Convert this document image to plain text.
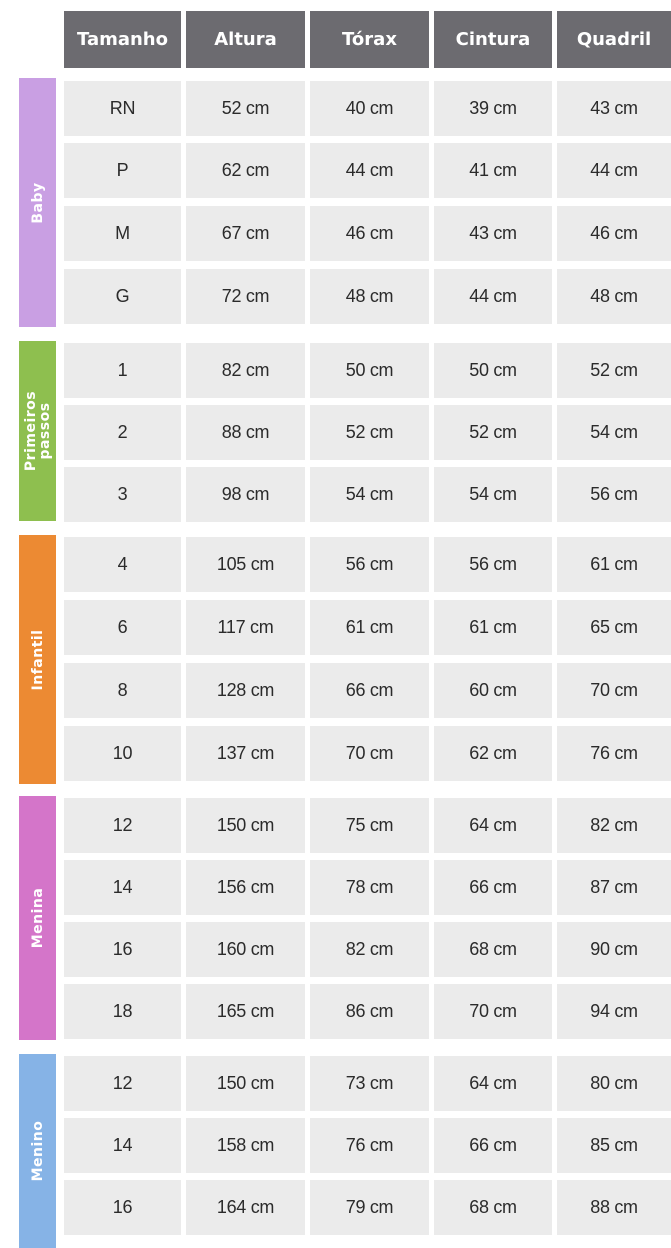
Tamanho	Altura	Tórax	Cintura	Quadril
Baby
RN	52 cm	40 cm	39 cm	43 cm
P	62 cm	44 cm	41 cm	44 cm
M	67 cm	46 cm	43 cm	46 cm
G	72 cm	48 cm	44 cm	48 cm
Primeiros
passos
1	82 cm	50 cm	50 cm	52 cm
2	88 cm	52 cm	52 cm	54 cm
3	98 cm	54 cm	54 cm	56 cm
Infantil
4	105 cm	56 cm	56 cm	61 cm
6	117 cm	61 cm	61 cm	65 cm
8	128 cm	66 cm	60 cm	70 cm
10	137 cm	70 cm	62 cm	76 cm
Menina
12	150 cm	75 cm	64 cm	82 cm
14	156 cm	78 cm	66 cm	87 cm
16	160 cm	82 cm	68 cm	90 cm
18	165 cm	86 cm	70 cm	94 cm
Menino
12	150 cm	73 cm	64 cm	80 cm
14	158 cm	76 cm	66 cm	85 cm
16	164 cm	79 cm	68 cm	88 cm
